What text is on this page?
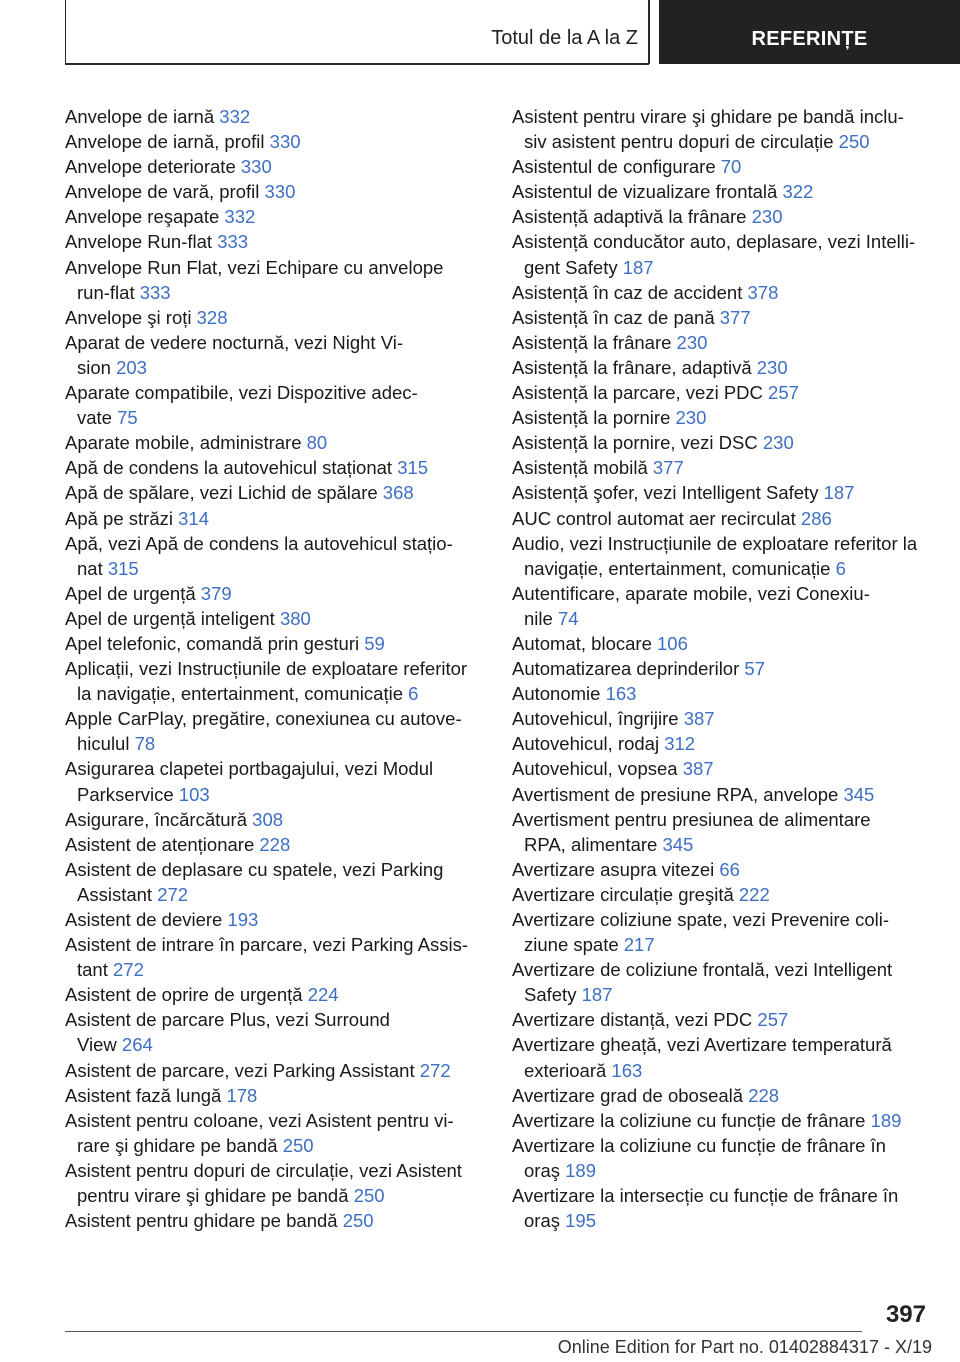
Totul de la A la Z	REFERINȚE
Anvelope de iarnă 332
Anvelope de iarnă, profil 330
Anvelope deteriorate 330
Anvelope de vară, profil 330
Anvelope reşapate 332
Anvelope Run-flat 333
Anvelope Run Flat, vezi Echipare cu anvelope
run-flat 333
Anvelope şi roți 328
Aparat de vedere nocturnă, vezi Night Vi‐
sion 203
Aparate compatibile, vezi Dispozitive adec‐
vate 75
Aparate mobile, administrare 80
Apă de condens la autovehicul staționat 315
Apă de spălare, vezi Lichid de spălare 368
Apă pe străzi 314
Apă, vezi Apă de condens la autovehicul stațio‐
nat 315
Apel de urgență 379
Apel de urgență inteligent 380
Apel telefonic, comandă prin gesturi 59
Aplicații, vezi Instrucțiunile de exploatare referitor
la navigație, entertainment, comunicație 6
Apple CarPlay, pregătire, conexiunea cu autove‐
hiculul 78
Asigurarea clapetei portbagajului, vezi Modul
Parkservice 103
Asigurare, încărcătură 308
Asistent de atenționare 228
Asistent de deplasare cu spatele, vezi Parking
Assistant 272
Asistent de deviere 193
Asistent de intrare în parcare, vezi Parking Assis‐
tant 272
Asistent de oprire de urgență 224
Asistent de parcare Plus, vezi Surround
View 264
Asistent de parcare, vezi Parking Assistant 272
Asistent fază lungă 178
Asistent pentru coloane, vezi Asistent pentru vi‐
rare şi ghidare pe bandă 250
Asistent pentru dopuri de circulație, vezi Asistent
pentru virare şi ghidare pe bandă 250
Asistent pentru ghidare pe bandă 250
Asistent pentru virare şi ghidare pe bandă inclu‐
siv asistent pentru dopuri de circulație 250
Asistentul de configurare 70
Asistentul de vizualizare frontală 322
Asistență adaptivă la frânare 230
Asistență conducător auto, deplasare, vezi Intelli‐
gent Safety 187
Asistență în caz de accident 378
Asistență în caz de pană 377
Asistență la frânare 230
Asistență la frânare, adaptivă 230
Asistență la parcare, vezi PDC 257
Asistență la pornire 230
Asistență la pornire, vezi DSC 230
Asistență mobilă 377
Asistență şofer, vezi Intelligent Safety 187
AUC control automat aer recirculat 286
Audio, vezi Instrucțiunile de exploatare referitor la
navigație, entertainment, comunicație 6
Autentificare, aparate mobile, vezi Conexiu‐
nile 74
Automat, blocare 106
Automatizarea deprinderilor 57
Autonomie 163
Autovehicul, îngrijire 387
Autovehicul, rodaj 312
Autovehicul, vopsea 387
Avertisment de presiune RPA, anvelope 345
Avertisment pentru presiunea de alimentare
RPA, alimentare 345
Avertizare asupra vitezei 66
Avertizare circulație greşită 222
Avertizare coliziune spate, vezi Prevenire coli‐
ziune spate 217
Avertizare de coliziune frontală, vezi Intelligent
Safety 187
Avertizare distanță, vezi PDC 257
Avertizare gheață, vezi Avertizare temperatură
exterioară 163
Avertizare grad de oboseală 228
Avertizare la coliziune cu funcție de frânare 189
Avertizare la coliziune cu funcție de frânare în
oraş 189
Avertizare la intersecție cu funcție de frânare în
oraş 195
397
Online Edition for Part no. 01402884317 - X/19
